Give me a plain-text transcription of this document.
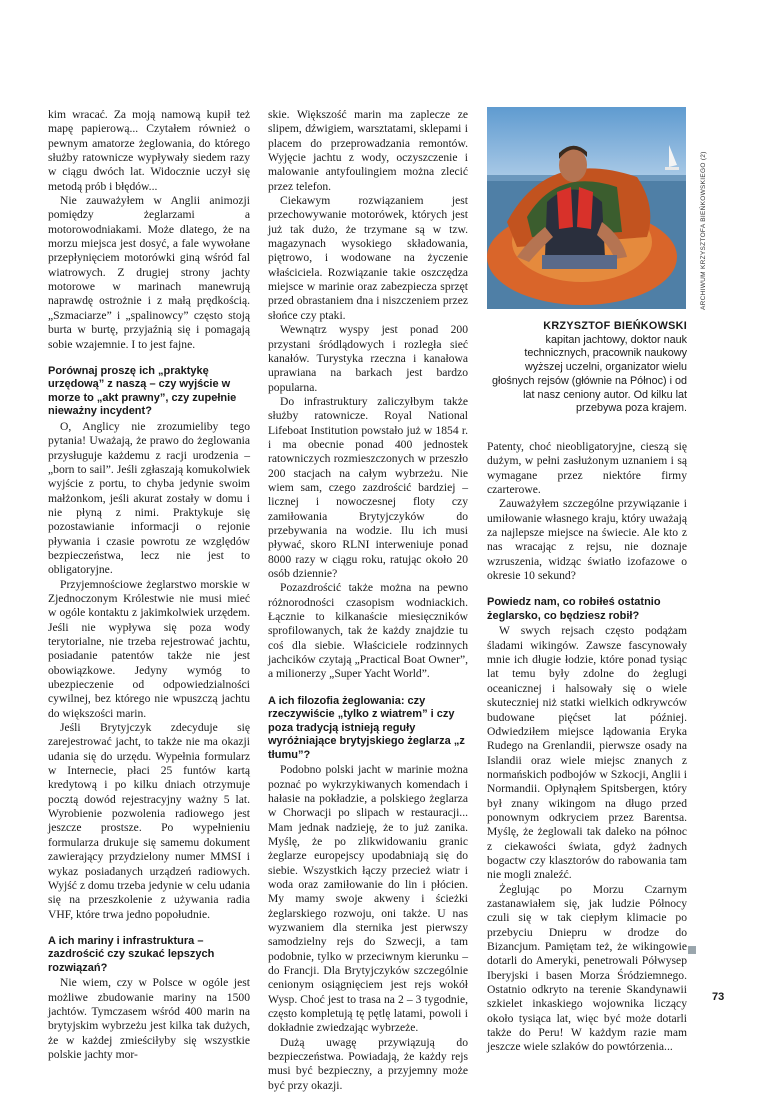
kim wracać. Za moją namową kupił też mapę papierową... Czytałem również o pewnym amatorze żeglowania, do którego służby ratownicze wypływały siedem razy w ciągu dwóch lat. Widocznie uczył się metodą prób i błędów...

Nie zauważyłem w Anglii animozji pomiędzy żeglarzami a motorowodniakami. Może dlatego, że na morzu miejsca jest dosyć, a fale wywołane przepłynięciem motorówki giną wśród fal wiatrowych. Z drugiej strony jachty motorowe w marinach manewrują naprawdę ostrożnie i z małą prędkością. „Szmaciarze” i „spalinowcy” często stoją burta w burtę, przyjaźnią się i pomagają sobie wzajemnie. I to jest fajne.

Porównaj proszę ich „praktykę urzędową” z naszą – czy wyjście w morze to „akt prawny”, czy zupełnie nieważny incydent?

O, Anglicy nie zrozumieliby tego pytania! Uważają, że prawo do żeglowania przysługuje każdemu z racji urodzenia – „born to sail”. Jeśli zgłaszają komukolwiek wyjście z portu, to chyba jedynie swoim małżonkom, jeśli akurat zostały w domu i nie płyną z nimi. Praktykuje się pozostawianie informacji o rejonie pływania i czasie powrotu ze względów bezpieczeństwa, lecz nie jest to obligatoryjne.

Przyjemnościowe żeglarstwo morskie w Zjednoczonym Królestwie nie musi mieć w ogóle kontaktu z jakimkolwiek urzędem. Jeśli nie wypływa się poza wody terytorialne, nie trzeba rejestrować jachtu, posiadanie patentów także nie jest obowiązkowe. Jedyny wymóg to ubezpieczenie od odpowiedzialności cywilnej, bez którego nie wpuszczą jachtu do większości marin.

Jeśli Brytyjczyk zdecyduje się zarejestrować jacht, to także nie ma okazji udania się do urzędu. Wypełnia formularz w Internecie, płaci 25 funtów kartą kredytową i po kilku dniach otrzymuje pocztą dowód rejestracyjny ważny 5 lat. Wyrobienie pozwolenia radiowego jest jeszcze prostsze. Po wypełnieniu formularza drukuje się samemu dokument zawierający przydzielony numer MMSI i wykaz posiadanych urządzeń radiowych. Wyjść z domu trzeba jedynie w celu udania się na przeszkolenie z używania radia VHF, które trwa jedno popołudnie.

A ich mariny i infrastruktura – zazdrościć czy szukać lepszych rozwiązań?

Nie wiem, czy w Polsce w ogóle jest możliwe zbudowanie mariny na 1500 jachtów. Tymczasem wśród 400 marin na brytyjskim wybrzeżu jest kilka tak dużych, że w każdej zmieściłyby się wszystkie polskie jachty mor-

skie. Większość marin ma zaplecze ze slipem, dźwigiem, warsztatami, sklepami i placem do przeprowadzania remontów. Wyjęcie jachtu z wody, oczyszczenie i malowanie antyfoulingiem można zlecić przez telefon.

Ciekawym rozwiązaniem jest przechowywanie motorówek, których jest już tak dużo, że trzymane są w tzw. magazynach wysokiego składowania, piętrowo, i wodowane na życzenie właściciela. Rozwiązanie takie oszczędza miejsce w marinie oraz zabezpiecza sprzęt przed obrastaniem dna i niszczeniem przez słońce czy ptaki.

Wewnątrz wyspy jest ponad 200 przystani śródlądowych i rozległa sieć kanałów. Turystyka rzeczna i kanałowa uprawiana na barkach jest bardzo popularna.

Do infrastruktury zaliczyłbym także służby ratownicze. Royal National Lifeboat Institution powstało już w 1854 r. i ma obecnie ponad 400 jednostek ratowniczych rozmieszczonych w przeszło 200 stacjach na całym wybrzeżu. Nie wiem sam, czego zazdrościć bardziej – licznej i nowoczesnej floty czy zamiłowania Brytyjczyków do przebywania na wodzie. Ilu ich musi pływać, skoro RLNI interweniuje ponad 8000 razy w ciągu roku, ratując około 20 osób dziennie?

Pozazdrościć także można na pewno różnorodności czasopism wodniackich. Łącznie to kilkanaście miesięczników sprofilowanych, tak że każdy znajdzie tu coś dla siebie. Właściciele rodzinnych jachcików czytają „Practical Boat Owner”, a milionerzy „Super Yacht World”.

A ich filozofia żeglowania: czy rzeczywiście „tylko z wiatrem” i czy poza tradycją istnieją reguły wyróżniające brytyjskiego żeglarza „z tłumu”?

Podobno polski jacht w marinie można poznać po wykrzykiwanych komendach i hałasie na pokładzie, a polskiego żeglarza w Chorwacji po slipach w restauracji... Mam jednak nadzieję, że to już zanika. Myślę, że po zlikwidowaniu granic żeglarze europejscy upodabniają się do siebie. Wszystkich łączy przecież wiatr i woda oraz zamiłowanie do lin i płócien. My mamy swoje akweny i ścieżki żeglarskiego rozwoju, oni także. U nas wyzwaniem dla sternika jest pierwszy samodzielny rejs do Szwecji, a tam podobnie, tylko w przeciwnym kierunku – do Francji. Dla Brytyjczyków szczególnie cenionym osiągnięciem jest rejs wokół Wysp. Choć jest to trasa na 2 – 3 tygodnie, często kompletują tę pętlę latami, powoli i dokładnie zwiedzając wybrzeże.

Dużą uwagę przywiązują do bezpieczeństwa. Powiadają, że każdy rejs musi być bezpieczny, a przyjemny może być przy okazji.

ARCHIWUM KRZYSZTOFA BIEŃKOWSKIEGO (2)
KRZYSZTOF BIEŃKOWSKI
kapitan jachtowy, doktor nauk technicznych, pracownik naukowy wyższej uczelni, organizator wielu głośnych rejsów (głównie na Północ) i od lat nasz ceniony autor. Od kilku lat przebywa poza krajem.

Patenty, choć nieobligatoryjne, cieszą się dużym, w pełni zasłużonym uznaniem i są wymagane przez niektóre firmy czarterowe.

Zauważyłem szczególne przywiązanie i umiłowanie własnego kraju, który uważają za najlepsze miejsce na świecie. Ale kto z nas wracając z rejsu, nie doznaje wzruszenia, widząc światło izofazowe o okresie 10 sekund?

Powiedz nam, co robiłeś ostatnio żeglarsko, co będziesz robił?

W swych rejsach często podążam śladami wikingów. Zawsze fascynowały mnie ich długie łodzie, które ponad tysiąc lat temu były zdolne do żeglugi oceanicznej i halsowały się o wiele skuteczniej niż statki wielkich odkrywców budowane pięćset lat później. Odwiedziłem miejsce lądowania Eryka Rudego na Grenlandii, pierwsze osady na Islandii oraz wiele miejsc znanych z normańskich podbojów w Szkocji, Anglii i Normandii. Opłynąłem Spitsbergen, który był znany wikingom na długo przed ponownym odkryciem przez Barentsa. Myślę, że żeglowali tak daleko na północ z ciekawości świata, gdyż żadnych bogactw czy klasztorów do rabowania tam nie mogli znaleźć.

Żeglując po Morzu Czarnym zastanawiałem się, jak ludzie Północy czuli się w tak ciepłym klimacie po przebyciu Dniepru w drodze do Bizancjum. Pamiętam też, że wikingowie dotarli do Ameryki, penetrowali Półwysep Iberyjski i basen Morza Śródziemnego. Ostatnio odkryto na terenie Skandynawii szkielet inkaskiego wojownika liczący około tysiąca lat, więc być może dotarli także do Peru! W każdym razie mam jeszcze wiele szlaków do powtórzenia...

73
